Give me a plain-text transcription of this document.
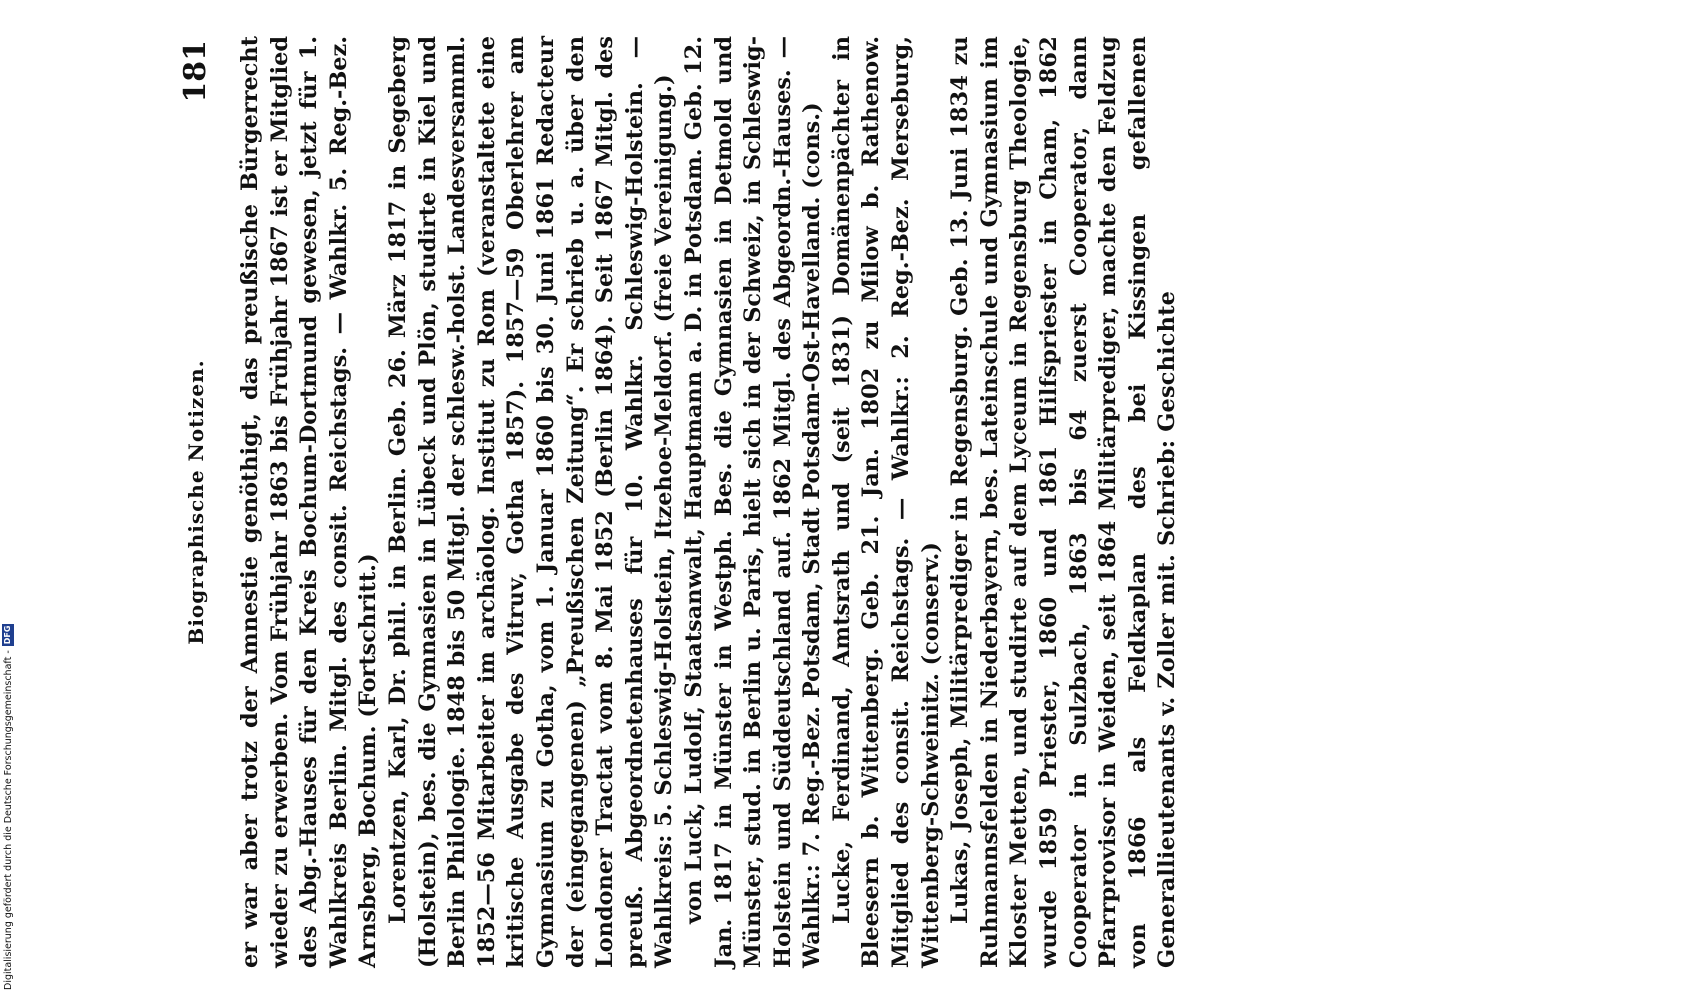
Biographische Notizen.
181 er war aber trotz der Amnestie genöthigt, das preußische Bürgerrecht wieder zu erwerben. Vom Frühjahr 1863 bis Frühjahr 1867 ist er Mitglied des Abg.-Hauses für den Kreis Bochum-Dortmund gewesen, jetzt für 1. Wahlkreis Berlin. Mitgl. des consit. Reichstags. — Wahlkr. 5. Reg.-Bez. Arnsberg, Bochum. (Fortschritt.) Lorentzen, Karl, Dr. phil. in Berlin. Geb. 26. März 1817 in Segeberg (Holstein), bes. die Gymnasien in Lübeck und Plön, studirte in Kiel und Berlin Philologie. 1848 bis 50 Mitgl. der schlesw.-holst. Landesversamml. 1852—56 Mitarbeiter im archäolog. Institut zu Rom (veranstaltete eine kritische Ausgabe des Vitruv, Gotha 1857). 1857—59 Oberlehrer am Gymnasium zu Gotha, vom 1. Januar 1860 bis 30. Juni 1861 Redacteur der (eingegangenen) „Preußischen Zeitung“. Er schrieb u. a. über den Londoner Tractat vom 8. Mai 1852 (Berlin 1864). Seit 1867 Mitgl. des preuß. Abgeordnetenhauses für 10. Wahlkr. Schleswig-Holstein. — Wahlkreis: 5. Schleswig-Holstein, Itzehoe-Meldorf. (freie Vereinigung.) von Luck, Ludolf, Staatsanwalt, Hauptmann a. D. in Potsdam. Geb. 12. Jan. 1817 in Münster in Westph. Bes. die Gymnasien in Detmold und Münster, stud. in Berlin u. Paris, hielt sich in der Schweiz, in Schleswig-Holstein und Süddeutschland auf. 1862 Mitgl. des Abgeordn.-Hauses. — Wahlkr.: 7. Reg.-Bez. Potsdam, Stadt Potsdam-Ost-Havelland. (cons.) Lucke, Ferdinand, Amtsrath und (seit 1831) Domänenpächter in Bleesern b. Wittenberg. Geb. 21. Jan. 1802 zu Milow b. Rathenow. Mitglied des consit. Reichstags. — Wahlkr.: 2. Reg.-Bez. Merseburg, Wittenberg-Schweinitz. (conserv.) Lukas, Joseph, Militärprediger in Regensburg. Geb. 13. Juni 1834 zu Ruhmannsfelden in Niederbayern, bes. Lateinschule und Gymnasium im Kloster Metten, und studirte auf dem Lyceum in Regensburg Theologie, wurde 1859 Priester, 1860 und 1861 Hilfspriester in Cham, 1862 Cooperator in Sulzbach, 1863 bis 64 zuerst Cooperator, dann Pfarrprovisor in Weiden, seit 1864 Militärprediger, machte den Feldzug von 1866 als Feldkaplan des bei Kissingen gefallenen Generallieutenants v. Zoller mit. Schrieb: Geschichte

Digitalisierung gefördert durch die Deutsche Forschungsgemeinschaft -
DFG
